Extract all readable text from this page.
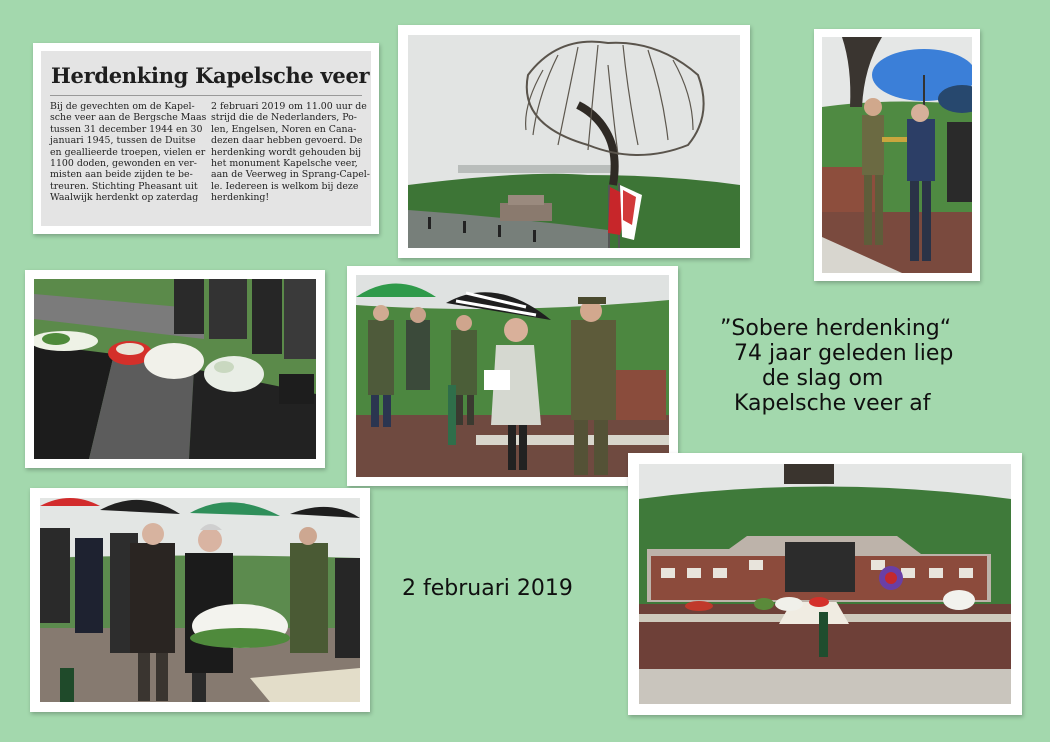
Herdenking Kapelsche veer
Bij de gevechten om de Kapel-
sche veer aan de Bergsche Maas
tussen 31 december 1944 en 30
januari 1945, tussen de Duitse
en geallieerde troepen, vielen er
1100 doden, gewonden en ver-
misten aan beide zijden te be-
treuren. Stichting Pheasant uit
Waalwijk herdenkt op zaterdag
2 februari 2019 om 11.00 uur de
strijd die de Nederlanders, Po-
len, Engelsen, Noren en Cana-
dezen daar hebben gevoerd. De
herdenking wordt gehouden bij
het monument Kapelsche veer,
aan de Veerweg in Sprang-Capel-
le. Iedereen is welkom bij deze
herdenking!
”Sobere herdenking“
74 jaar geleden liep
de slag om
Kapelsche veer af
2 februari 2019
